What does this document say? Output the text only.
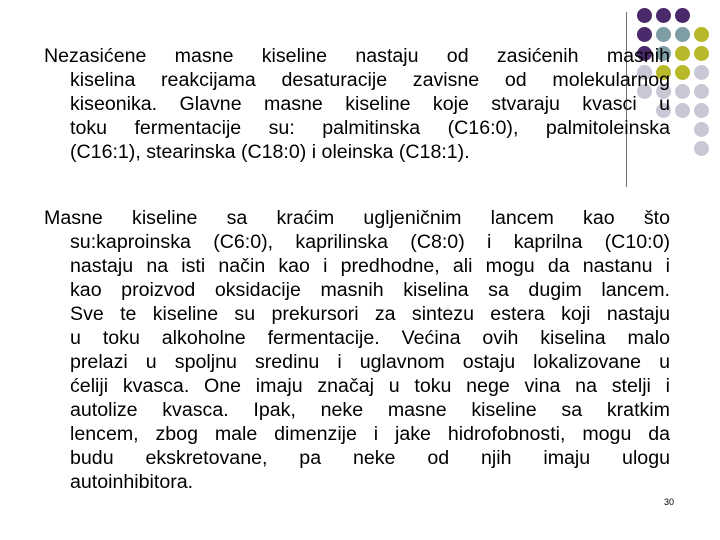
Nezasićene masne kiseline nastaju od zasićenih masnih
kiselina reakcijama desaturacije zavisne od molekularnog
kiseonika. Glavne masne kiseline koje stvaraju kvasci u
toku fermentacije su: palmitinska (C16:0), palmitoleinska
(C16:1), stearinska (C18:0) i oleinska (C18:1).

Masne kiseline sa kraćim ugljeničnim lancem kao što
su:kaproinska (C6:0), kaprilinska (C8:0) i kaprilna (C10:0)
nastaju na isti način kao i predhodne, ali mogu da nastanu i
kao proizvod oksidacije masnih kiselina sa dugim lancem.
Sve te kiseline su prekursori za sintezu estera koji nastaju
u toku alkoholne fermentacije. Većina ovih kiselina malo
prelazi u spoljnu sredinu i uglavnom ostaju lokalizovane u
ćeliji kvasca. One imaju značaj u toku nege vina na stelji i
autolize kvasca. Ipak, neke masne kiseline sa kratkim
lencem, zbog male dimenzije i jake hidrofobnosti, mogu da
budu ekskretovane, pa neke od njih imaju ulogu
autoinhibitora.

30
